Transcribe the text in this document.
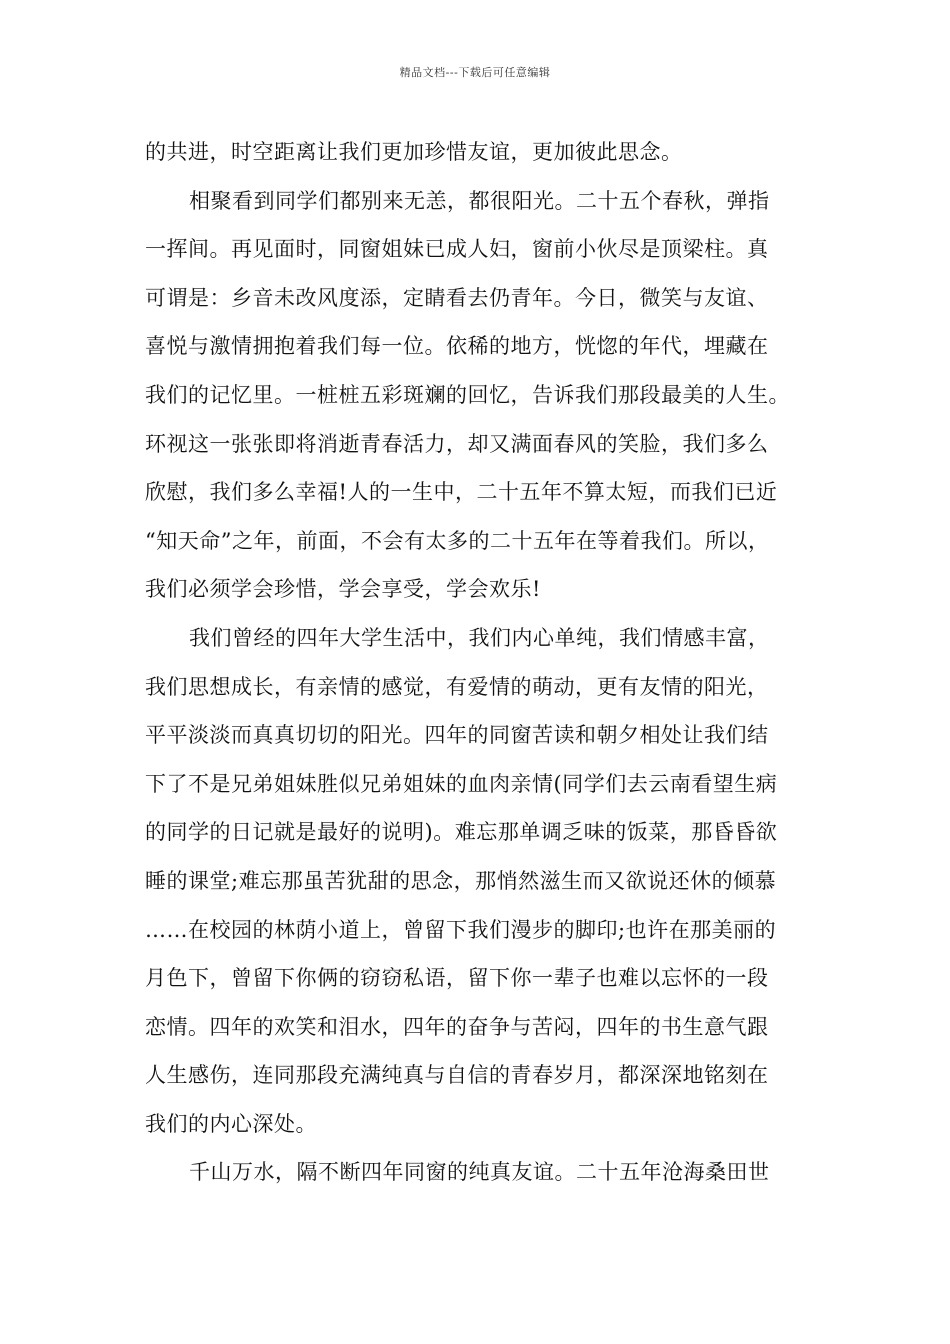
精品文档---下载后可任意编辑
的共进，时空距离让我们更加珍惜友谊，更加彼此思念。
相聚看到同学们都别来无恙，都很阳光。二十五个春秋，弹指
一挥间。再见面时，同窗姐妹已成人妇，窗前小伙尽是顶梁柱。真
可谓是：乡音未改风度添，定睛看去仍青年。今日，微笑与友谊、
喜悦与激情拥抱着我们每一位。依稀的地方，恍惚的年代，埋藏在
我们的记忆里。一桩桩五彩斑斓的回忆，告诉我们那段最美的人生。
环视这一张张即将消逝青春活力，却又满面春风的笑脸，我们多么
欣慰，我们多么幸福!人的一生中，二十五年不算太短，而我们已近
“知天命”之年，前面，不会有太多的二十五年在等着我们。所以，
我们必须学会珍惜，学会享受，学会欢乐!
我们曾经的四年大学生活中，我们内心单纯，我们情感丰富，
我们思想成长，有亲情的感觉，有爱情的萌动，更有友情的阳光，
平平淡淡而真真切切的阳光。四年的同窗苦读和朝夕相处让我们结
下了不是兄弟姐妹胜似兄弟姐妹的血肉亲情(同学们去云南看望生病
的同学的日记就是最好的说明)。难忘那单调乏味的饭菜，那昏昏欲
睡的课堂;难忘那虽苦犹甜的思念，那悄然滋生而又欲说还休的倾慕
……在校园的林荫小道上，曾留下我们漫步的脚印;也许在那美丽的
月色下，曾留下你俩的窃窃私语，留下你一辈子也难以忘怀的一段
恋情。四年的欢笑和泪水，四年的奋争与苦闷，四年的书生意气跟
人生感伤，连同那段充满纯真与自信的青春岁月，都深深地铭刻在
我们的内心深处。
千山万水，隔不断四年同窗的纯真友谊。二十五年沧海桑田世
